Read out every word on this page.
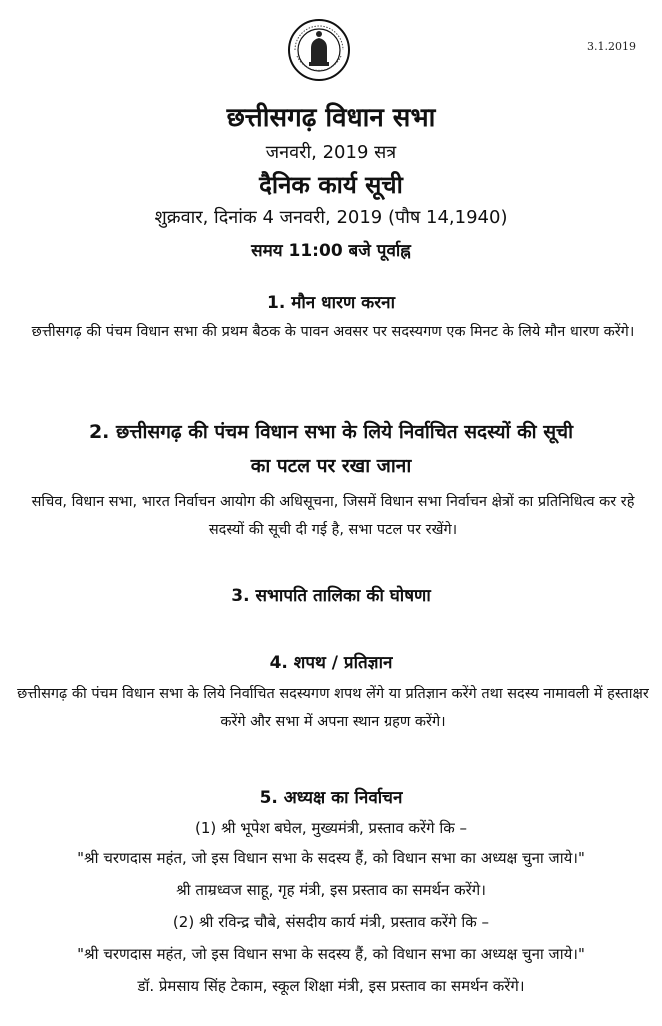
3.1.2019
छत्तीसगढ़ विधान सभा
जनवरी, 2019 सत्र
दैनिक कार्य सूची
शुक्रवार, दिनांक 4 जनवरी, 2019 (पौष 14,1940)
समय 11:00 बजे पूर्वाह्न
1. मौन धारण करना
छत्तीसगढ़ की पंचम विधान सभा की प्रथम बैठक के पावन अवसर पर सदस्यगण एक मिनट के लिये मौन धारण करेंगे।
2. छत्तीसगढ़ की पंचम विधान सभा के लिये निर्वाचित सदस्यों की सूची
का पटल पर रखा जाना
सचिव, विधान सभा, भारत निर्वाचन आयोग की अधिसूचना, जिसमें विधान सभा निर्वाचन क्षेत्रों का प्रतिनिधित्व कर रहे सदस्यों की सूची दी गई है, सभा पटल पर रखेंगे।
3. सभापति तालिका की घोषणा
4. शपथ / प्रतिज्ञान
छत्तीसगढ़ की पंचम विधान सभा के लिये निर्वाचित सदस्यगण शपथ लेंगे या प्रतिज्ञान करेंगे तथा सदस्य नामावली में हस्ताक्षर करेंगे और सभा में अपना स्थान ग्रहण करेंगे।
5. अध्यक्ष का निर्वाचन
(1) श्री भूपेश बघेल, मुख्यमंत्री, प्रस्ताव करेंगे कि –
"श्री चरणदास महंत, जो इस विधान सभा के सदस्य हैं, को विधान सभा का अध्यक्ष चुना जाये।"
श्री ताम्रध्वज साहू, गृह मंत्री, इस प्रस्ताव का समर्थन करेंगे।
(2) श्री रविन्द्र चौबे, संसदीय कार्य मंत्री, प्रस्ताव करेंगे कि –
"श्री चरणदास महंत, जो इस विधान सभा के सदस्य हैं, को विधान सभा का अध्यक्ष चुना जाये।"
डॉ. प्रेमसाय सिंह टेकाम, स्कूल शिक्षा मंत्री, इस प्रस्ताव का समर्थन करेंगे।
